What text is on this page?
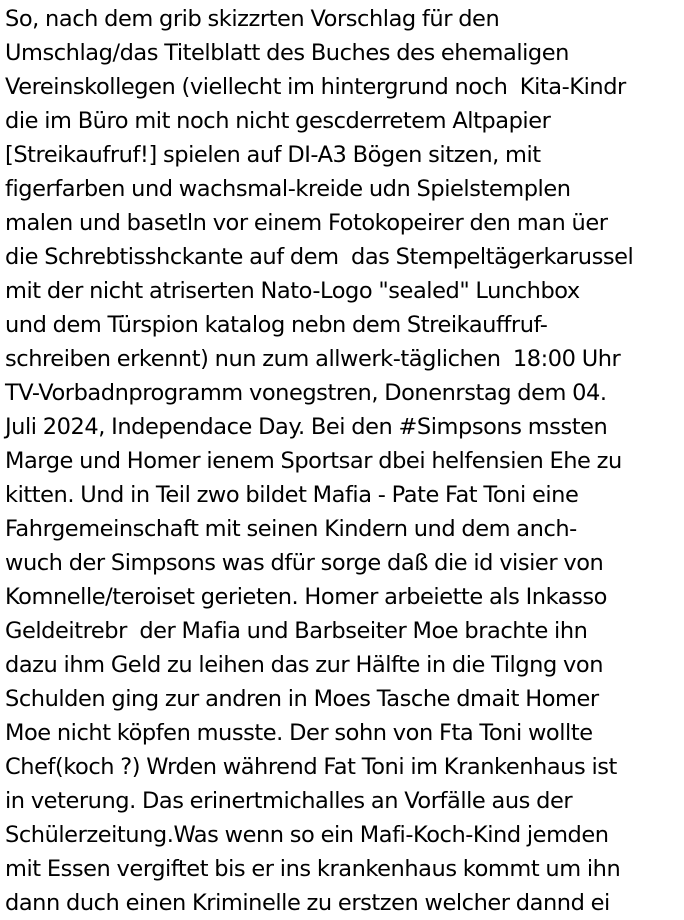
So, nach dem grib skizzrten Vorschlag für den
Umschlag/das Titelblatt des Buches des ehemaligen
Vereinskollegen (viellecht im hintergrund noch  Kita-Kindr
die im Büro mit noch nicht gescderretem Altpapier
[Streikaufruf!] spielen auf DI-A3 Bögen sitzen, mit
figerfarben und wachsmal-kreide udn Spielstemplen
malen und basetln vor einem Fotokopeirer den man üer
die Schrebtisshckante auf dem  das Stempeltägerkarussel
mit der nicht atriserten Nato-Logo "sealed" Lunchbox
und dem Türspion katalog nebn dem Streikauffruf-
schreiben erkennt) nun zum allwerk-täglichen  18:00 Uhr
TV-Vorbadnprogramm vonegstren, Donenrstag dem 04.
Juli 2024, Independace Day. Bei den #Simpsons mssten
Marge und Homer ienem Sportsar dbei helfensien Ehe zu
kitten. Und in Teil zwo bildet Mafia - Pate Fat Toni eine
Fahrgemeinschaft mit seinen Kindern und dem anch-
wuch der Simpsons was dfür sorge daß die id visier von
Komnelle/teroiset gerieten. Homer arbeiette als Inkasso
Geldeitrebr  der Mafia und Barbseiter Moe brachte ihn
dazu ihm Geld zu leihen das zur Hälfte in die Tilgng von
Schulden ging zur andren in Moes Tasche dmait Homer
Moe nicht köpfen musste. Der sohn von Fta Toni wollte
Chef(koch ?) Wrden während Fat Toni im Krankenhaus ist
in veterung. Das erinertmichalles an Vorfälle aus der
Schülerzeitung.Was wenn so ein Mafi-Koch-Kind jemden
mit Essen vergiftet bis er ins krankenhaus kommt um ihn
dann duch einen Kriminelle zu erstzen welcher dannd ei
